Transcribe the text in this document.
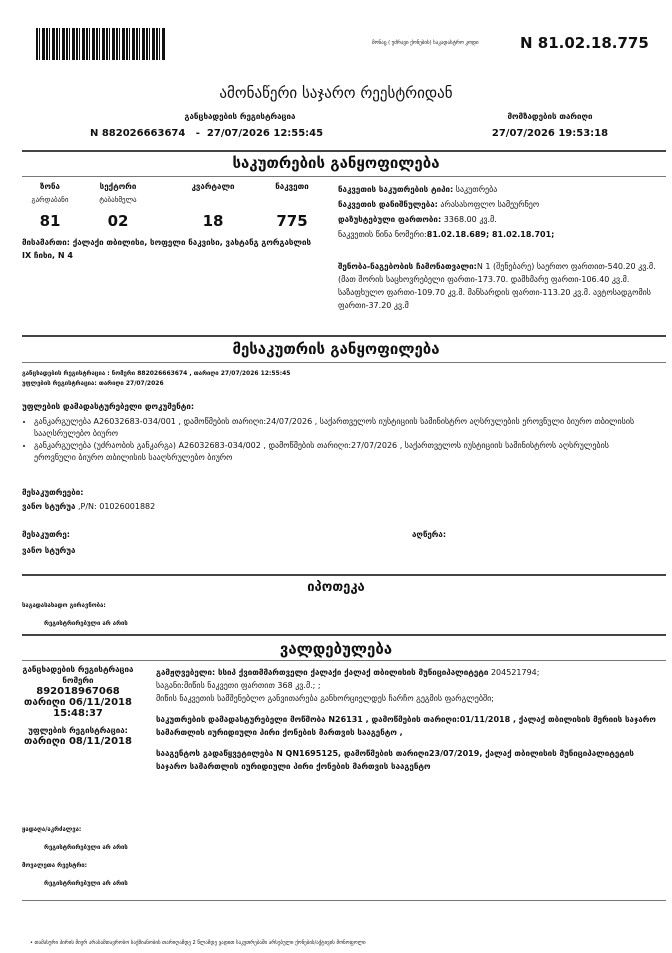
მონაც ( უძრავი ქონების) საკადასტრო კოდი	N 81.02.18.775
ამონაწერი საჯარო რეესტრიდან
განცხადების რეგისტრაცია
N 882026663674   -  27/07/2026 12:55:45
მომზადების თარიღი
27/07/2026 19:53:18
საკუთრების განყოფილება
ზონა
გარდაბანი
81
სექტორი
ტაბახმელა
02
კვარტალი
18
ნაკვეთი
775
მისამართი: ქალაქი თბილისი, სოფელი ნაკვისი, ვახტანგ გორგასლის IX ჩიხი, N 4
ნაკვეთის საკუთრების ტიპი: საკუთრება
ნაკვეთის დანიშნულება: არასასოფლო სამეურნეო
დაზუსტებული ფართობი: 3368.00 კვ.მ.
ნაკვეთის წინა ნომერი:81.02.18.689; 81.02.18.701;
შენობა-ნაგებობის ჩამონათვალი:N 1 (შენებარე) საერთო ფართით-540.20 კვ.მ. (მათ შორის საცხოვრებელი ფართი-173.70. დამხმარე ფართი-106.40 კვ.მ. საზაფხულო ფართი-109.70 კვ.მ. მანსარდის ფართი-113.20 კვ.მ. ავტოსადგომის ფართი-37.20 კვ.მ
მესაკუთრის განყოფილება
განცხადების რეგისტრაცია : ნომერი 882026663674 , თარიღი 27/07/2026 12:55:45
უფლების რეგისტრაცია: თარიღი 27/07/2026
უფლების დამადასტურებელი დოკუმენტი:
• განკარგულება A26032683-034/001 , დამოწმების თარიღი:24/07/2026 , საქართველოს იუსტიციის სამინისტრო აღსრულების ეროვნული ბიურო თბილისის სააღსრულებო ბიურო
• განკარგულება (უძრაობის განკარგა) A26032683-034/002 , დამოწმების თარიღი:27/07/2026 , საქართველოს იუსტიციის სამინისტროს აღსრულების ეროვნული ბიურო თბილისის სააღსრულებო ბიურო
მესაკუთრეები:
ვანო სტურუა ,P/N: 01026001882
მესაკუთრე:
ვანო სტურუა
აღწერა:
იპოთეკა
საგადასახადო გირავნობა:
რეგისტრირებული არ არის
ვალდებულება
განცხადების რეგისტრაცია
ნომერი
892018967068
თარიღი 06/11/2018
15:48:37
უფლების რეგისტრაცია:
თარიღი 08/11/2018
გამჟღვებელი: სსიპ ქვითმმართველი ქალაქი ქალაქ თბილისის მუნიციპალიტეტი 204521794;
საგანი:მიწის ნაკვეთი ფართით 368 კვ.მ.; ;
მიწის ნაკვეთის სამშენებლო განვითარება განხორციელდეს ჩარჩო გეგმის ფარგლებში;
საკუთრების დამადასტურებელი მოწმობა N26131 , დამოწმების თარიღი:01/11/2018 , ქალაქ თბილისის მერიის საჯარო სამართლის იურიდიული პირი ქონების მართვის სააგენტო ,
სააგენტოს გადაწყვეტილება N QN1695125, დამოწმების თარიღი23/07/2019, ქალაქ თბილისის მუნიციპალიტეტის საჯარო სამართლის იურიდიული პირი ქონების მართვის სააგენტო
ყადაღა/აკრძალვა:
რეგისტრირებული არ არის
მოვალეთა რეესტრი:
რეგისტრირებული არ არის
• თამასური პირის მიერ არასამთავრობო საქმიანობის თარიღამდე 2 წლამდე ვადით საკუთრებაში არსებული ქონების/აქტივის მონოფოლი
